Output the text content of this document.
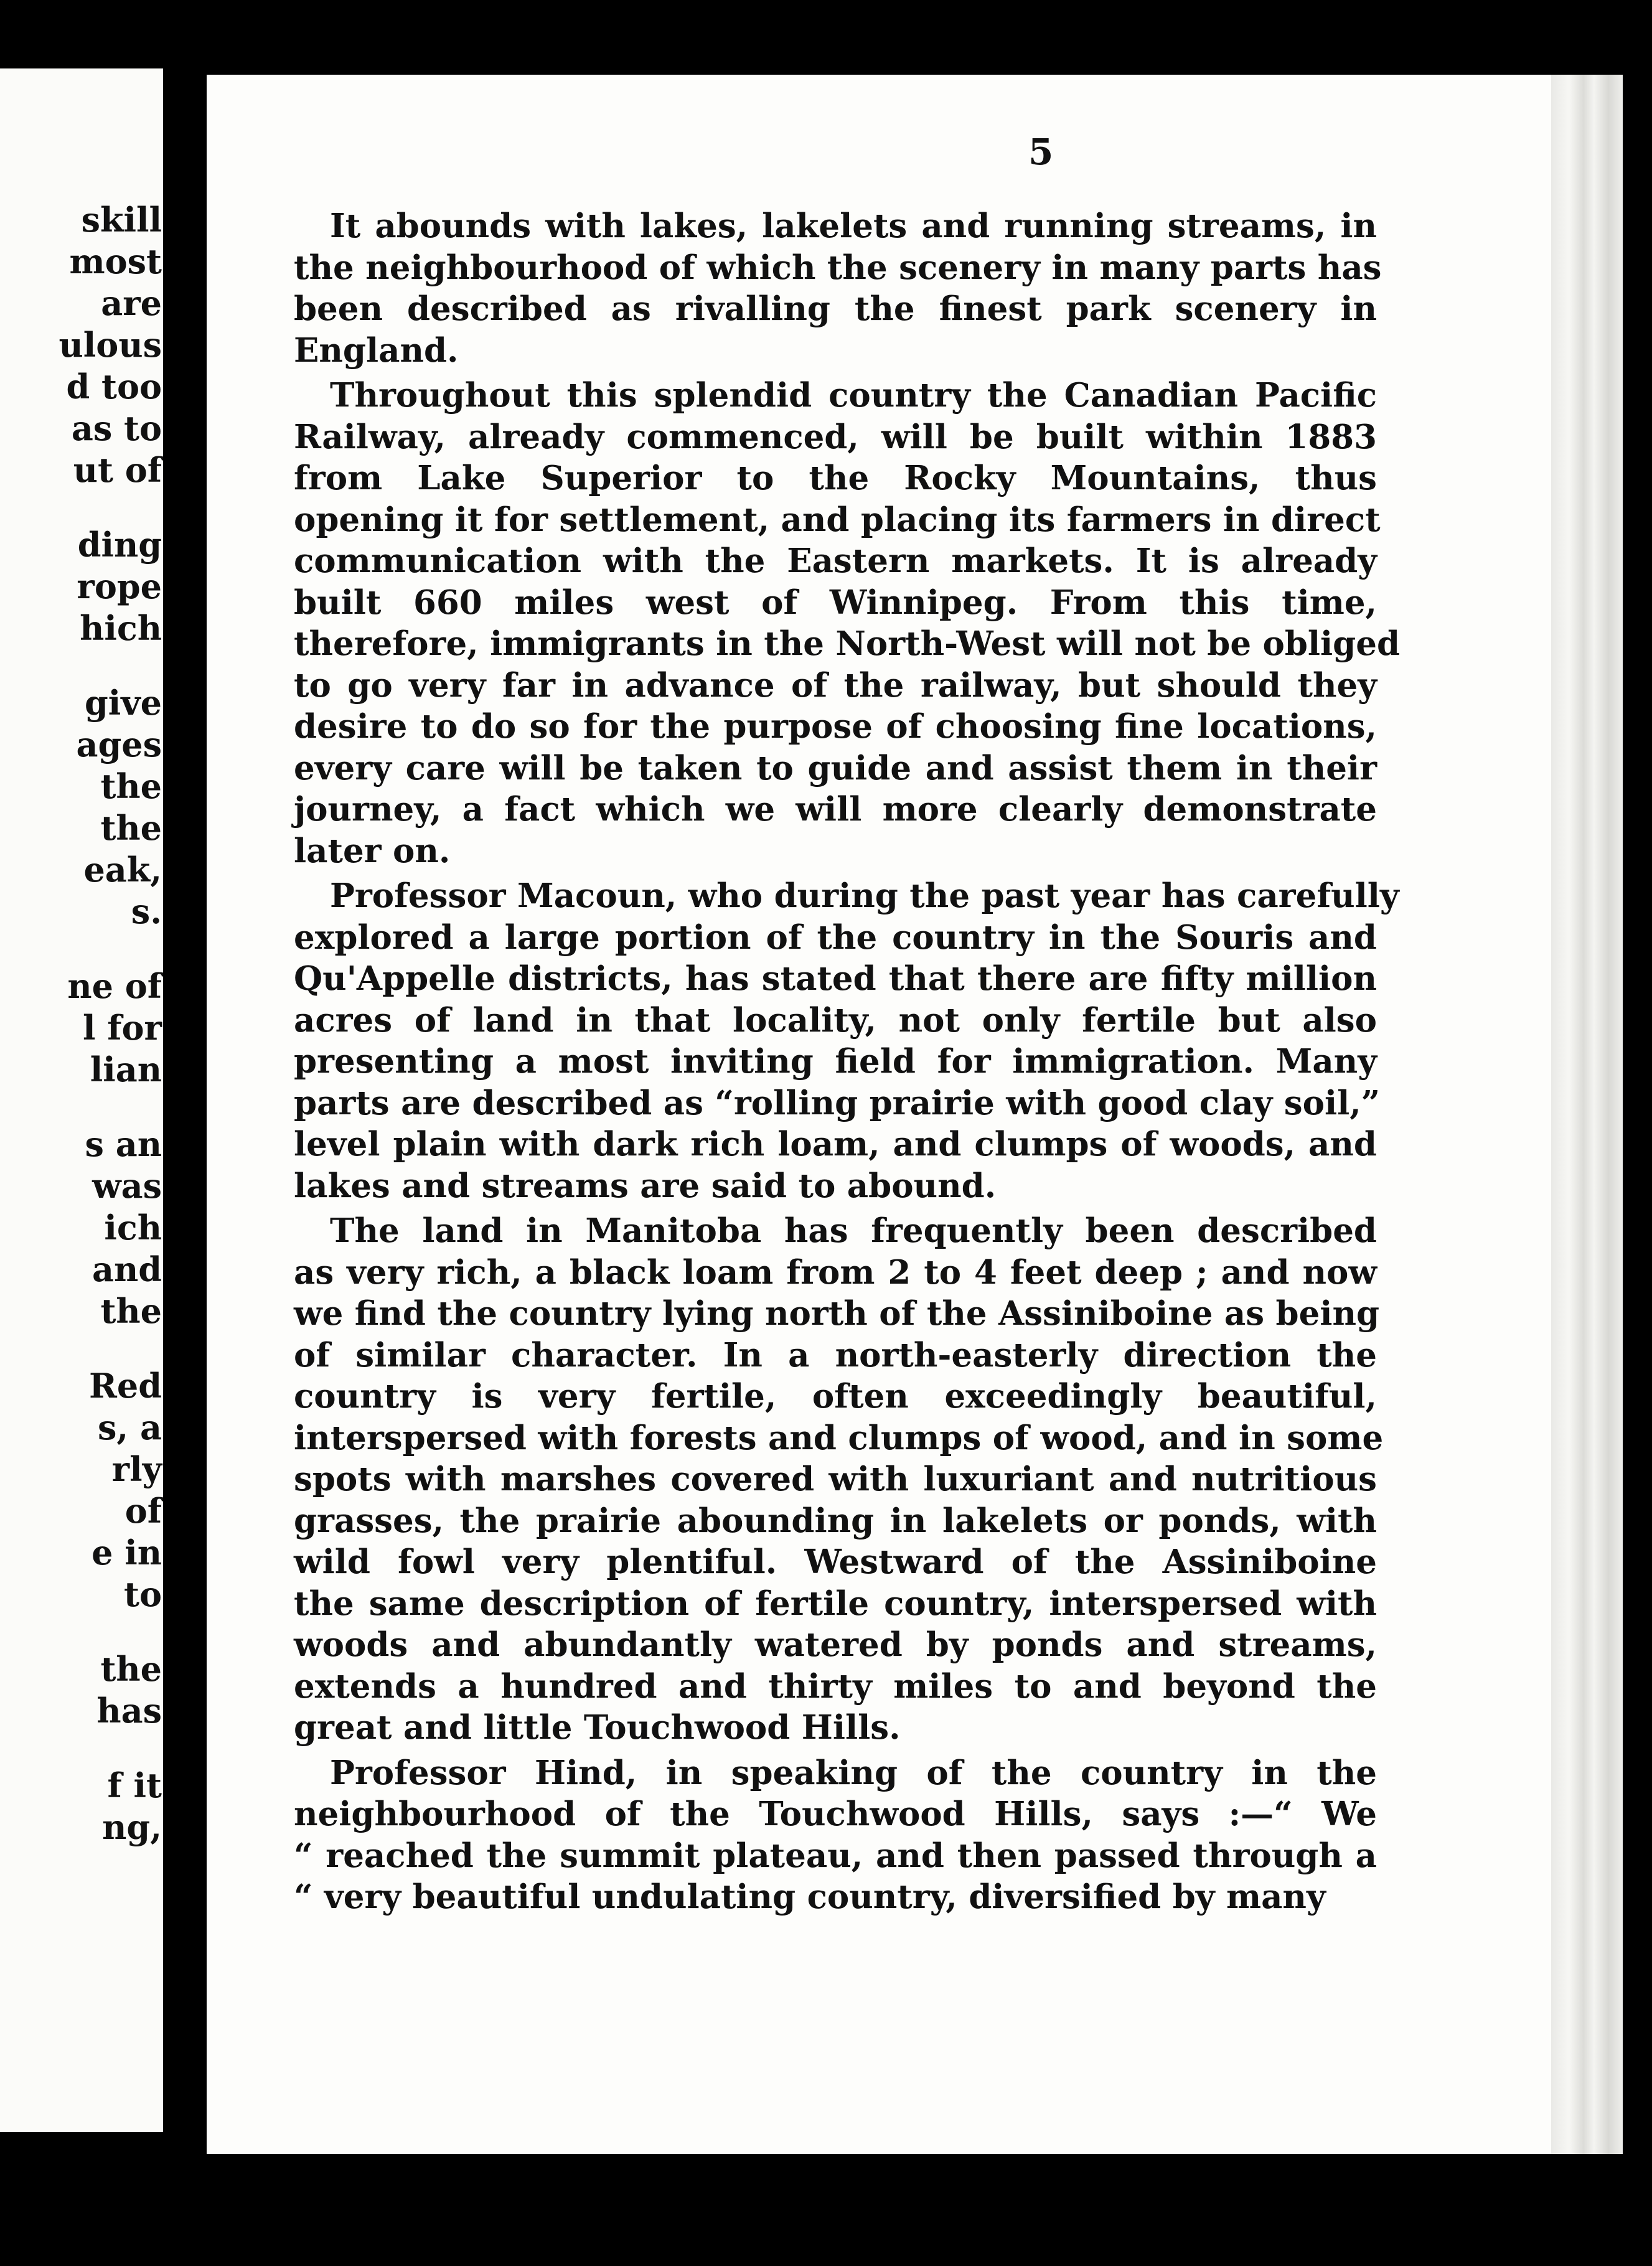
skill
most
are
ulous
d too
as to
ut of
ding
rope
hich
give
ages
the
the
eak,
s.
ne of
l for
lian
s an
was
ich
and
the
Red
s, a
rly
of
e in
to
the
has
f it
ng,
5
It abounds with lakes, lakelets and running streams, in
the neighbourhood of which the scenery in many parts has
been described as rivalling the finest park scenery in
England.
Throughout this splendid country the Canadian Pacific
Railway, already commenced, will be built within 1883
from Lake Superior to the Rocky Mountains, thus
opening it for settlement, and placing its farmers in direct
communication with the Eastern markets. It is already
built 660 miles west of Winnipeg. From this time,
therefore, immigrants in the North-West will not be obliged
to go very far in advance of the railway, but should they
desire to do so for the purpose of choosing fine locations,
every care will be taken to guide and assist them in their
journey, a fact which we will more clearly demonstrate
later on.
Professor Macoun, who during the past year has carefully
explored a large portion of the country in the Souris and
Qu'Appelle districts, has stated that there are fifty million
acres of land in that locality, not only fertile but also
presenting a most inviting field for immigration. Many
parts are described as “rolling prairie with good clay soil,”
level plain with dark rich loam, and clumps of woods, and
lakes and streams are said to abound.
The land in Manitoba has frequently been described
as very rich, a black loam from 2 to 4 feet deep ; and now
we find the country lying north of the Assiniboine as being
of similar character. In a north-easterly direction the
country is very fertile, often exceedingly beautiful,
interspersed with forests and clumps of wood, and in some
spots with marshes covered with luxuriant and nutritious
grasses, the prairie abounding in lakelets or ponds, with
wild fowl very plentiful. Westward of the Assiniboine
the same description of fertile country, interspersed with
woods and abundantly watered by ponds and streams,
extends a hundred and thirty miles to and beyond the
great and little Touchwood Hills.
Professor Hind, in speaking of the country in the
neighbourhood of the Touchwood Hills, says :—“ We
“ reached the summit plateau, and then passed through a
“ very beautiful undulating country, diversified by many
